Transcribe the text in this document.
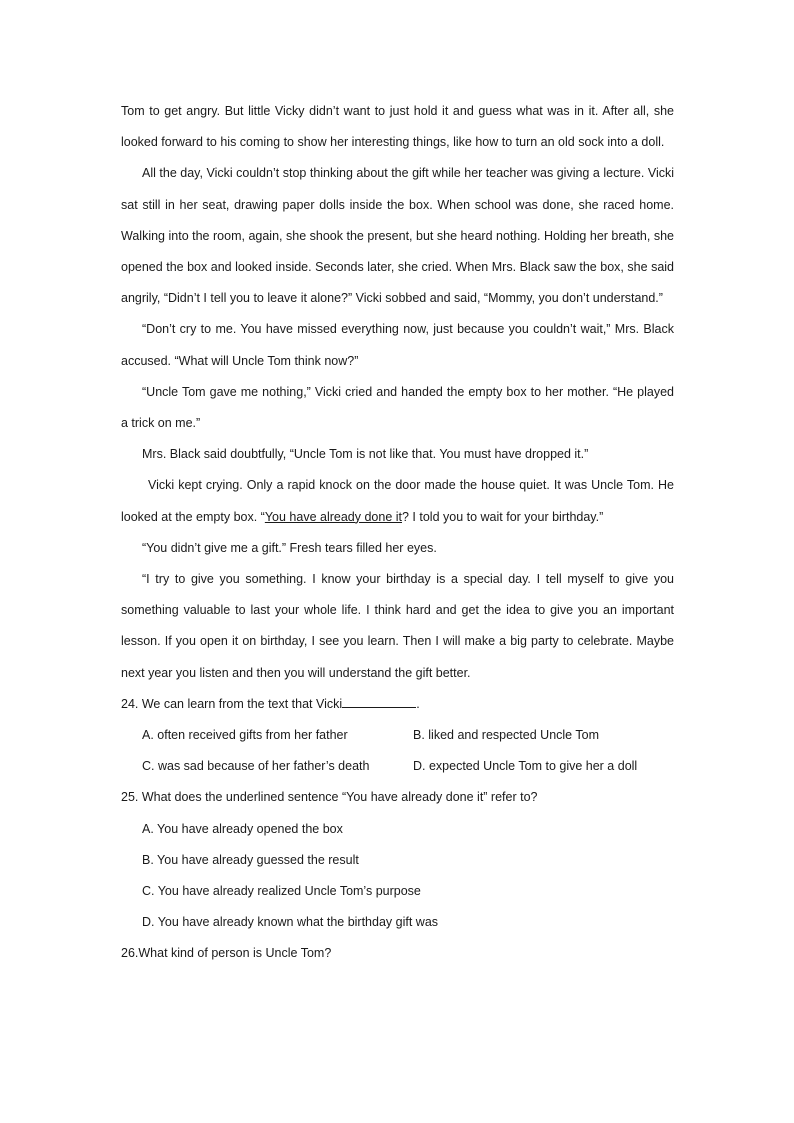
Tom to get angry. But little Vicky didn’t want to just hold it and guess what was in it. After all, she looked forward to his coming to show her interesting things, like how to turn an old sock into a doll.

All the day, Vicki couldn’t stop thinking about the gift while her teacher was giving a lecture. Vicki sat still in her seat, drawing paper dolls inside the box. When school was done, she raced home. Walking into the room, again, she shook the present, but she heard nothing. Holding her breath, she opened the box and looked inside. Seconds later, she cried. When Mrs. Black saw the box, she said angrily, “Didn’t I tell you to leave it alone?” Vicki sobbed and said, “Mommy, you don’t understand.”

“Don’t cry to me. You have missed everything now, just because you couldn’t wait,” Mrs. Black accused. “What will Uncle Tom think now?”

“Uncle Tom gave me nothing,” Vicki cried and handed the empty box to her mother. “He played a trick on me.”

Mrs. Black said doubtfully, “Uncle Tom is not like that. You must have dropped it.”

Vicki kept crying. Only a rapid knock on the door made the house quiet. It was Uncle Tom. He looked at the empty box. “You have already done it? I told you to wait for your birthday.”

“You didn’t give me a gift.” Fresh tears filled her eyes.

“I try to give you something. I know your birthday is a special day. I tell myself to give you something valuable to last your whole life. I think hard and get the idea to give you an important lesson. If you open it on birthday, I see you learn. Then I will make a big party to celebrate. Maybe next year you listen and then you will understand the gift better.

24. We can learn from the text that Vicki	.

A. often received gifts from her father	B. liked and respected Uncle Tom
C. was sad because of her father’s death	D. expected Uncle Tom to give her a doll

25. What does the underlined sentence “You have already done it” refer to?

A. You have already opened the box

B. You have already guessed the result

C. You have already realized Uncle Tom’s purpose

D. You have already known what the birthday gift was

26.What kind of person is Uncle Tom?
